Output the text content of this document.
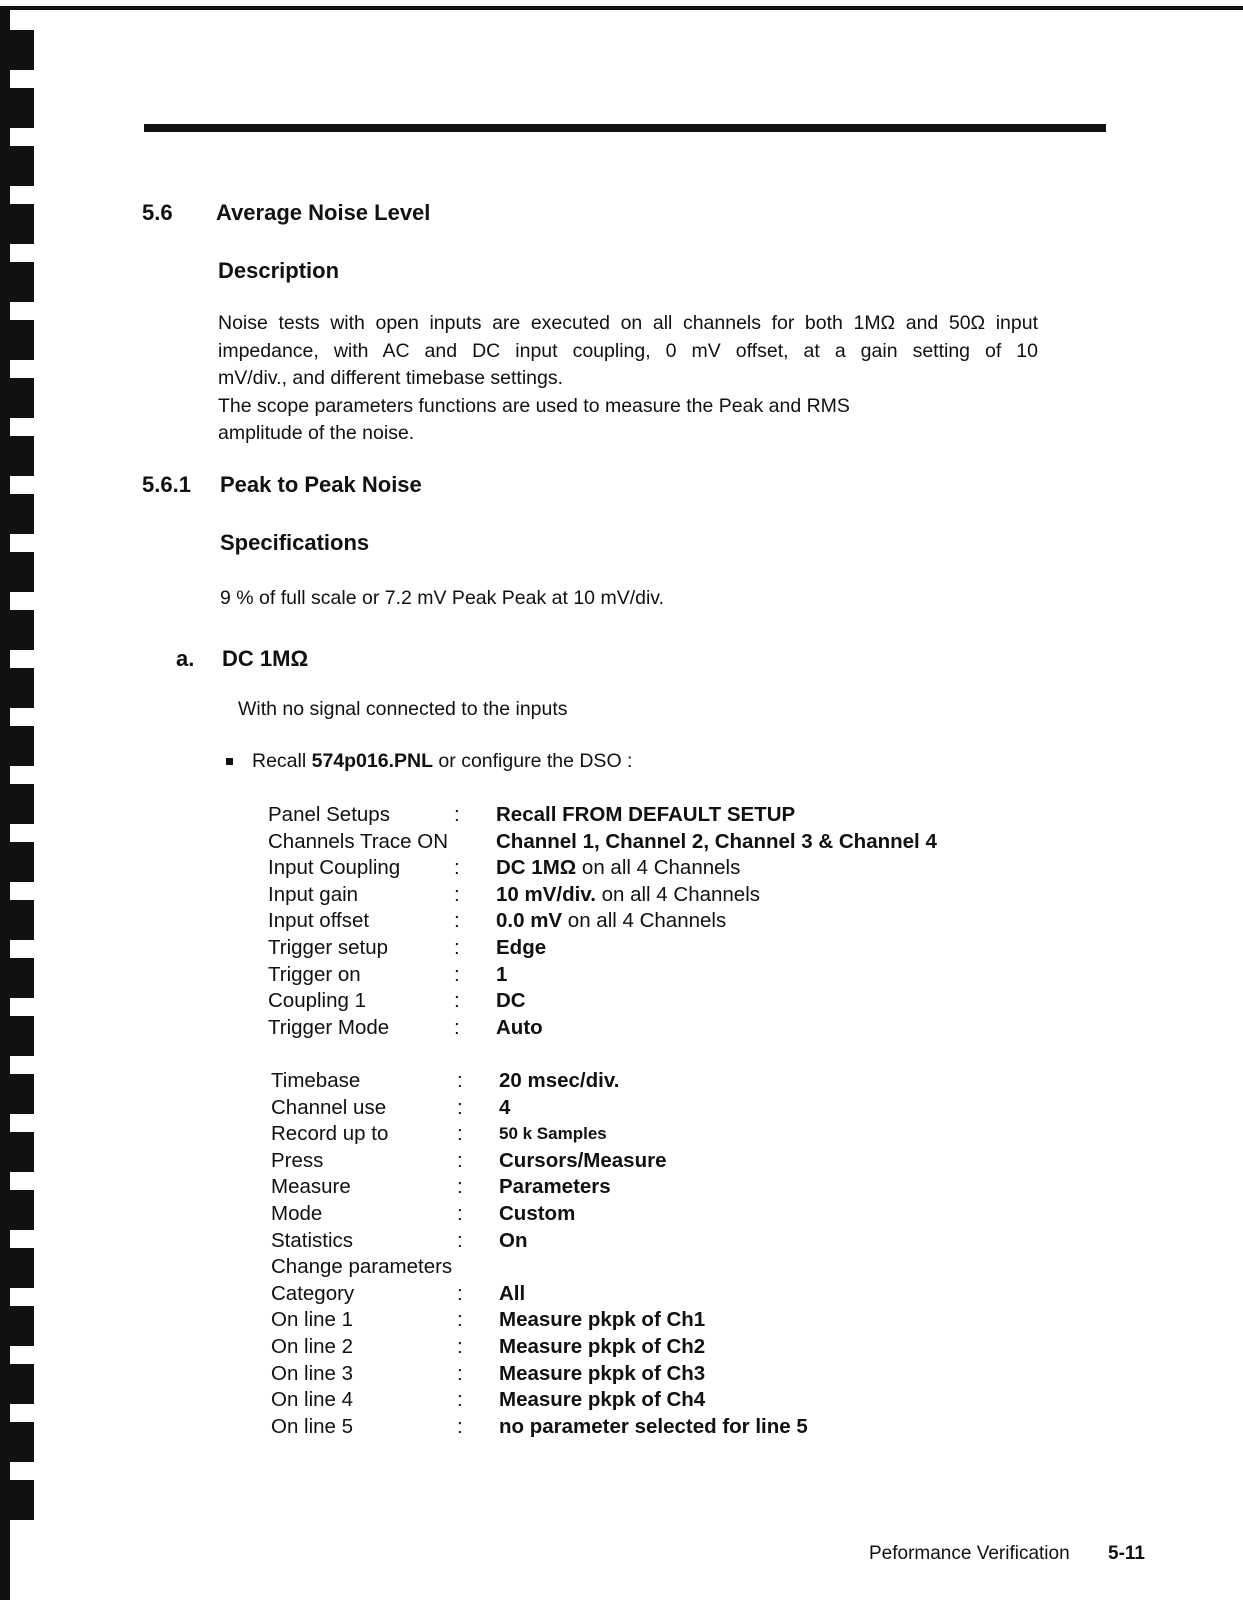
5.6 Average Noise Level
Description
Noise tests with open inputs are executed on all channels for both 1MΩ and 50Ω input
impedance, with AC and DC input coupling, 0 mV offset, at a gain setting of 10
mV/div., and different timebase settings.
The scope parameters functions are used to measure the Peak and RMS
amplitude of the noise.
5.6.1 Peak to Peak Noise
Specifications
9 % of full scale or 7.2 mV Peak Peak at 10 mV/div.
a. DC 1MΩ
With no signal connected to the inputs
Recall 574p016.PNL or configure the DSO :
Panel Setups	: Recall FROM DEFAULT SETUP
Channels Trace ON Channel 1, Channel 2, Channel 3 & Channel 4
Input Coupling	: DC 1MΩ on all 4 Channels
Input gain	: 10 mV/div. on all 4 Channels
Input offset	: 0.0 mV on all 4 Channels
Trigger setup	: Edge
Trigger on	: 1
Coupling 1	: DC
Trigger Mode	: Auto
Timebase	: 20 msec/div.
Channel use	: 4
Record up to	: 50 k Samples
Press	: Cursors/Measure
Measure	: Parameters
Mode	: Custom
Statistics	: On
Change parameters
Category	: All
On line 1	: Measure pkpk of Ch1
On line 2	: Measure pkpk of Ch2
On line 3	: Measure pkpk of Ch3
On line 4	: Measure pkpk of Ch4
On line 5	: no parameter selected for line 5
Peformance Verification 5-11
